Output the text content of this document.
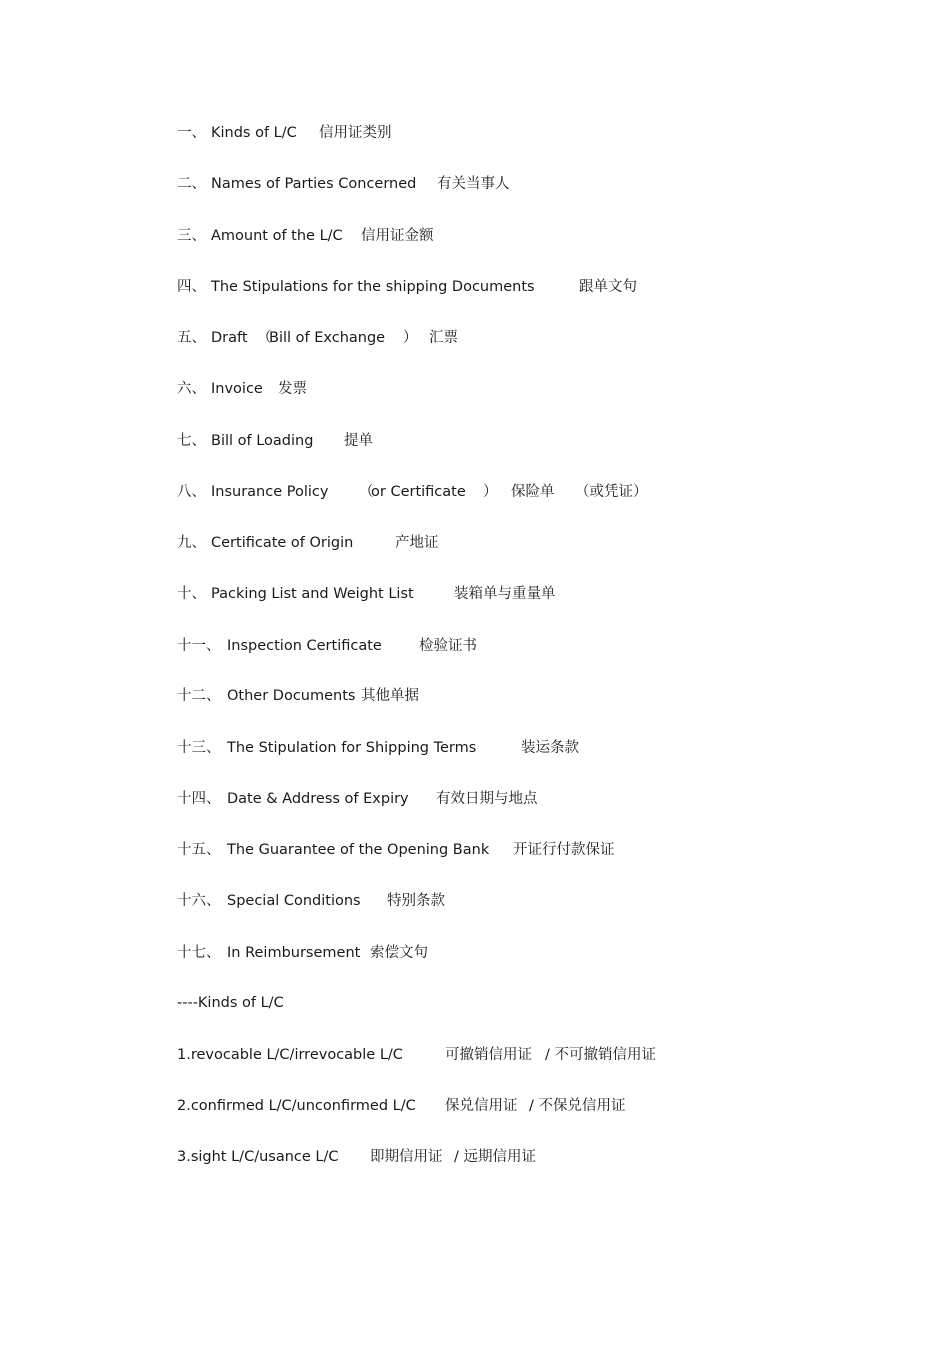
一、 Kinds of L/C 信用证类别
二、 Names of Parties Concerned 有关当事人
三、 Amount of the L/C 信用证金额
四、 The Stipulations for the shipping Documents	跟单文句
五、 Draft （Bill of Exchange ） 汇票
六、 Invoice 发票
七、 Bill of Loading 提单
八、 Insurance Policy （or Certificate ） 保险单 （或凭证）
九、 Certificate of Origin	产地证
十、 Packing List and Weight List	装箱单与重量单
十一、 Inspection Certificate	检验证书
十二、 Other Documents 其他单据
十三、 The Stipulation for Shipping Terms	装运条款
十四、 Date & Address of Expiry 有效日期与地点
十五、 The Guarantee of the Opening Bank 开证行付款保证
十六、 Special Conditions 特别条款
十七、 In Reimbursement 索偿文句
----Kinds of L/C
1.revocable L/C/irrevocable L/C	可撤销信用证 / 不可撤销信用证
2.confirmed L/C/unconfirmed L/C 保兑信用证 / 不保兑信用证
3.sight L/C/usance L/C 即期信用证 / 远期信用证
